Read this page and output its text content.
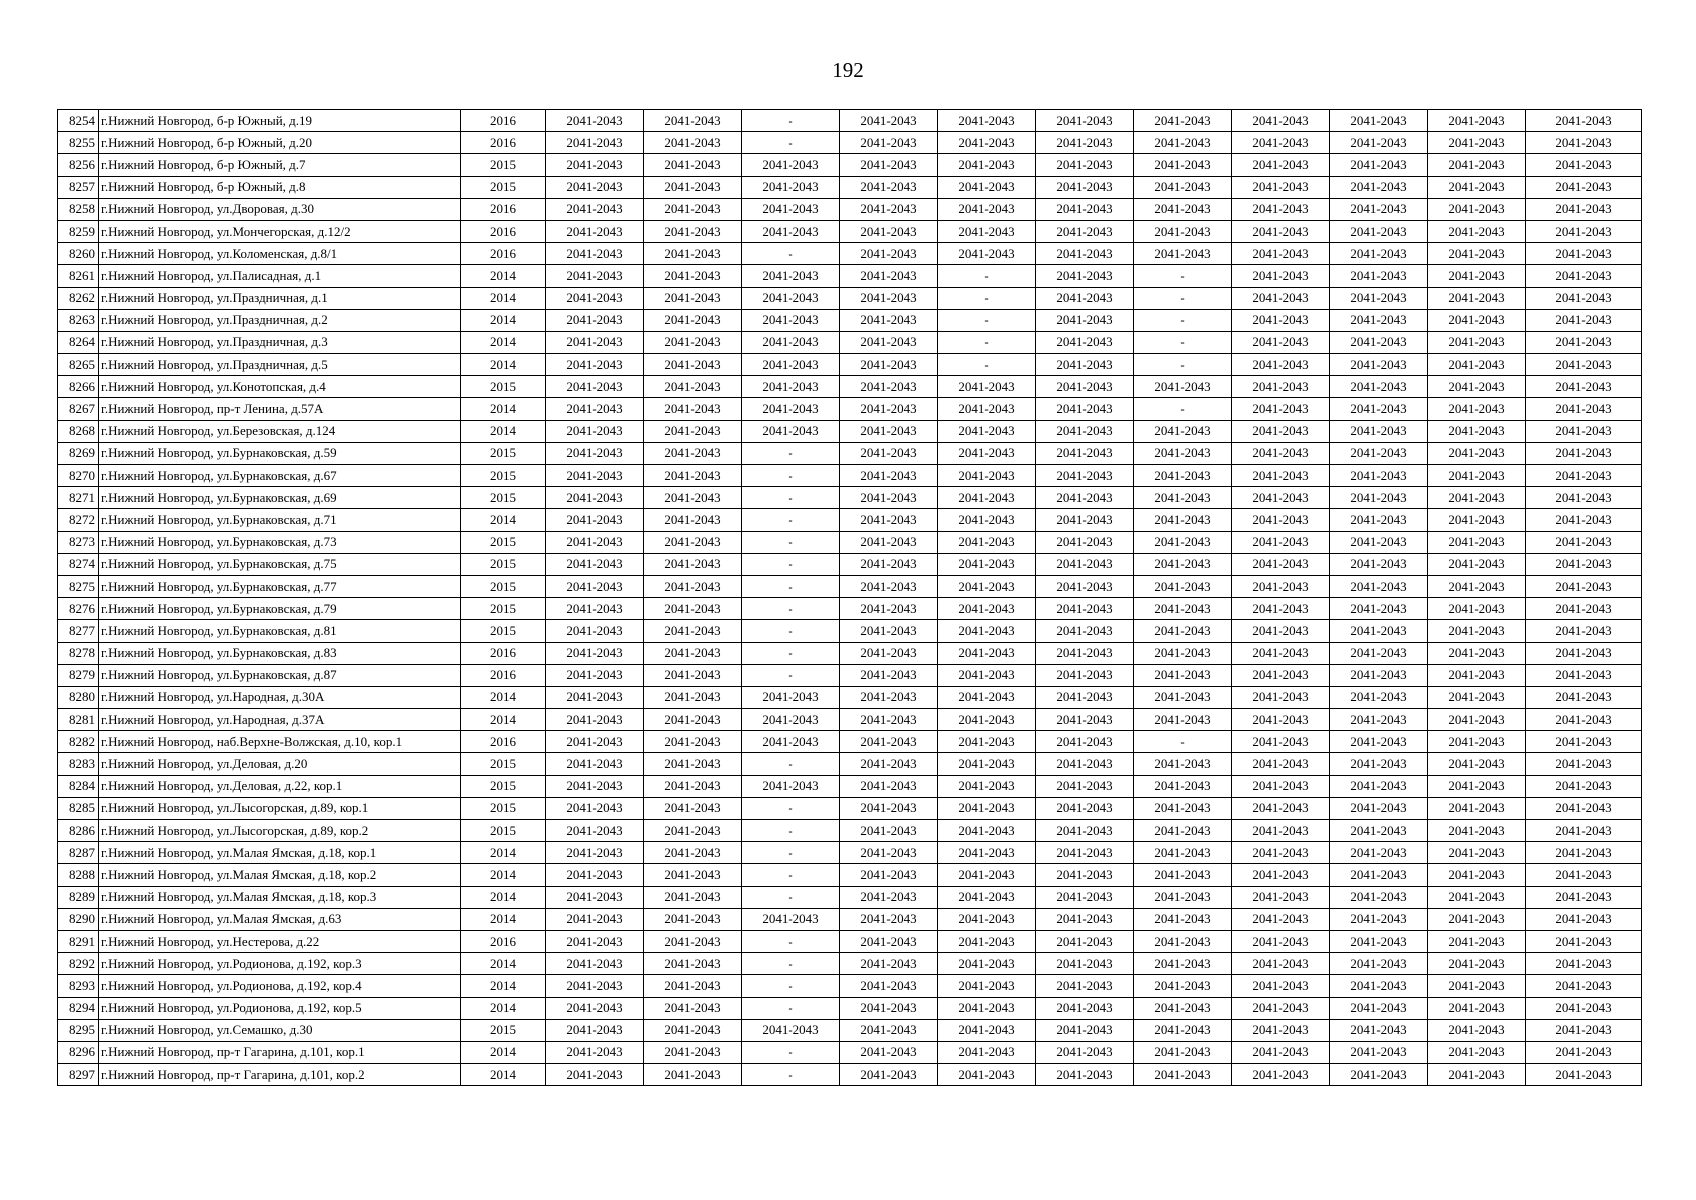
192
8254	г.Нижний Новгород, б-р Южный, д.19	2016	2041-2043	2041-2043	-	2041-2043	2041-2043	2041-2043	2041-2043	2041-2043	2041-2043	2041-2043	2041-2043
8255	г.Нижний Новгород, б-р Южный, д.20	2016	2041-2043	2041-2043	-	2041-2043	2041-2043	2041-2043	2041-2043	2041-2043	2041-2043	2041-2043	2041-2043
8256	г.Нижний Новгород, б-р Южный, д.7	2015	2041-2043	2041-2043	2041-2043	2041-2043	2041-2043	2041-2043	2041-2043	2041-2043	2041-2043	2041-2043	2041-2043
8257	г.Нижний Новгород, б-р Южный, д.8	2015	2041-2043	2041-2043	2041-2043	2041-2043	2041-2043	2041-2043	2041-2043	2041-2043	2041-2043	2041-2043	2041-2043
8258	г.Нижний Новгород, ул.Дворовая, д.30	2016	2041-2043	2041-2043	2041-2043	2041-2043	2041-2043	2041-2043	2041-2043	2041-2043	2041-2043	2041-2043	2041-2043
8259	г.Нижний Новгород, ул.Мончегорская, д.12/2	2016	2041-2043	2041-2043	2041-2043	2041-2043	2041-2043	2041-2043	2041-2043	2041-2043	2041-2043	2041-2043	2041-2043
8260	г.Нижний Новгород, ул.Коломенская, д.8/1	2016	2041-2043	2041-2043	-	2041-2043	2041-2043	2041-2043	2041-2043	2041-2043	2041-2043	2041-2043	2041-2043
8261	г.Нижний Новгород, ул.Палисадная, д.1	2014	2041-2043	2041-2043	2041-2043	2041-2043	-	2041-2043	-	2041-2043	2041-2043	2041-2043	2041-2043
8262	г.Нижний Новгород, ул.Праздничная, д.1	2014	2041-2043	2041-2043	2041-2043	2041-2043	-	2041-2043	-	2041-2043	2041-2043	2041-2043	2041-2043
8263	г.Нижний Новгород, ул.Праздничная, д.2	2014	2041-2043	2041-2043	2041-2043	2041-2043	-	2041-2043	-	2041-2043	2041-2043	2041-2043	2041-2043
8264	г.Нижний Новгород, ул.Праздничная, д.3	2014	2041-2043	2041-2043	2041-2043	2041-2043	-	2041-2043	-	2041-2043	2041-2043	2041-2043	2041-2043
8265	г.Нижний Новгород, ул.Праздничная, д.5	2014	2041-2043	2041-2043	2041-2043	2041-2043	-	2041-2043	-	2041-2043	2041-2043	2041-2043	2041-2043
8266	г.Нижний Новгород, ул.Конотопская, д.4	2015	2041-2043	2041-2043	2041-2043	2041-2043	2041-2043	2041-2043	2041-2043	2041-2043	2041-2043	2041-2043	2041-2043
8267	г.Нижний Новгород, пр-т Ленина, д.57А	2014	2041-2043	2041-2043	2041-2043	2041-2043	2041-2043	2041-2043	-	2041-2043	2041-2043	2041-2043	2041-2043
8268	г.Нижний Новгород, ул.Березовская, д.124	2014	2041-2043	2041-2043	2041-2043	2041-2043	2041-2043	2041-2043	2041-2043	2041-2043	2041-2043	2041-2043	2041-2043
8269	г.Нижний Новгород, ул.Бурнаковская, д.59	2015	2041-2043	2041-2043	-	2041-2043	2041-2043	2041-2043	2041-2043	2041-2043	2041-2043	2041-2043	2041-2043
8270	г.Нижний Новгород, ул.Бурнаковская, д.67	2015	2041-2043	2041-2043	-	2041-2043	2041-2043	2041-2043	2041-2043	2041-2043	2041-2043	2041-2043	2041-2043
8271	г.Нижний Новгород, ул.Бурнаковская, д.69	2015	2041-2043	2041-2043	-	2041-2043	2041-2043	2041-2043	2041-2043	2041-2043	2041-2043	2041-2043	2041-2043
8272	г.Нижний Новгород, ул.Бурнаковская, д.71	2014	2041-2043	2041-2043	-	2041-2043	2041-2043	2041-2043	2041-2043	2041-2043	2041-2043	2041-2043	2041-2043
8273	г.Нижний Новгород, ул.Бурнаковская, д.73	2015	2041-2043	2041-2043	-	2041-2043	2041-2043	2041-2043	2041-2043	2041-2043	2041-2043	2041-2043	2041-2043
8274	г.Нижний Новгород, ул.Бурнаковская, д.75	2015	2041-2043	2041-2043	-	2041-2043	2041-2043	2041-2043	2041-2043	2041-2043	2041-2043	2041-2043	2041-2043
8275	г.Нижний Новгород, ул.Бурнаковская, д.77	2015	2041-2043	2041-2043	-	2041-2043	2041-2043	2041-2043	2041-2043	2041-2043	2041-2043	2041-2043	2041-2043
8276	г.Нижний Новгород, ул.Бурнаковская, д.79	2015	2041-2043	2041-2043	-	2041-2043	2041-2043	2041-2043	2041-2043	2041-2043	2041-2043	2041-2043	2041-2043
8277	г.Нижний Новгород, ул.Бурнаковская, д.81	2015	2041-2043	2041-2043	-	2041-2043	2041-2043	2041-2043	2041-2043	2041-2043	2041-2043	2041-2043	2041-2043
8278	г.Нижний Новгород, ул.Бурнаковская, д.83	2016	2041-2043	2041-2043	-	2041-2043	2041-2043	2041-2043	2041-2043	2041-2043	2041-2043	2041-2043	2041-2043
8279	г.Нижний Новгород, ул.Бурнаковская, д.87	2016	2041-2043	2041-2043	-	2041-2043	2041-2043	2041-2043	2041-2043	2041-2043	2041-2043	2041-2043	2041-2043
8280	г.Нижний Новгород, ул.Народная, д.30А	2014	2041-2043	2041-2043	2041-2043	2041-2043	2041-2043	2041-2043	2041-2043	2041-2043	2041-2043	2041-2043	2041-2043
8281	г.Нижний Новгород, ул.Народная, д.37А	2014	2041-2043	2041-2043	2041-2043	2041-2043	2041-2043	2041-2043	2041-2043	2041-2043	2041-2043	2041-2043	2041-2043
8282	г.Нижний Новгород, наб.Верхне-Волжская, д.10, кор.1	2016	2041-2043	2041-2043	2041-2043	2041-2043	2041-2043	2041-2043	-	2041-2043	2041-2043	2041-2043	2041-2043
8283	г.Нижний Новгород, ул.Деловая, д.20	2015	2041-2043	2041-2043	-	2041-2043	2041-2043	2041-2043	2041-2043	2041-2043	2041-2043	2041-2043	2041-2043
8284	г.Нижний Новгород, ул.Деловая, д.22, кор.1	2015	2041-2043	2041-2043	2041-2043	2041-2043	2041-2043	2041-2043	2041-2043	2041-2043	2041-2043	2041-2043	2041-2043
8285	г.Нижний Новгород, ул.Лысогорская, д.89, кор.1	2015	2041-2043	2041-2043	-	2041-2043	2041-2043	2041-2043	2041-2043	2041-2043	2041-2043	2041-2043	2041-2043
8286	г.Нижний Новгород, ул.Лысогорская, д.89, кор.2	2015	2041-2043	2041-2043	-	2041-2043	2041-2043	2041-2043	2041-2043	2041-2043	2041-2043	2041-2043	2041-2043
8287	г.Нижний Новгород, ул.Малая Ямская, д.18, кор.1	2014	2041-2043	2041-2043	-	2041-2043	2041-2043	2041-2043	2041-2043	2041-2043	2041-2043	2041-2043	2041-2043
8288	г.Нижний Новгород, ул.Малая Ямская, д.18, кор.2	2014	2041-2043	2041-2043	-	2041-2043	2041-2043	2041-2043	2041-2043	2041-2043	2041-2043	2041-2043	2041-2043
8289	г.Нижний Новгород, ул.Малая Ямская, д.18, кор.3	2014	2041-2043	2041-2043	-	2041-2043	2041-2043	2041-2043	2041-2043	2041-2043	2041-2043	2041-2043	2041-2043
8290	г.Нижний Новгород, ул.Малая Ямская, д.63	2014	2041-2043	2041-2043	2041-2043	2041-2043	2041-2043	2041-2043	2041-2043	2041-2043	2041-2043	2041-2043	2041-2043
8291	г.Нижний Новгород, ул.Нестерова, д.22	2016	2041-2043	2041-2043	-	2041-2043	2041-2043	2041-2043	2041-2043	2041-2043	2041-2043	2041-2043	2041-2043
8292	г.Нижний Новгород, ул.Родионова, д.192, кор.3	2014	2041-2043	2041-2043	-	2041-2043	2041-2043	2041-2043	2041-2043	2041-2043	2041-2043	2041-2043	2041-2043
8293	г.Нижний Новгород, ул.Родионова, д.192, кор.4	2014	2041-2043	2041-2043	-	2041-2043	2041-2043	2041-2043	2041-2043	2041-2043	2041-2043	2041-2043	2041-2043
8294	г.Нижний Новгород, ул.Родионова, д.192, кор.5	2014	2041-2043	2041-2043	-	2041-2043	2041-2043	2041-2043	2041-2043	2041-2043	2041-2043	2041-2043	2041-2043
8295	г.Нижний Новгород, ул.Семашко, д.30	2015	2041-2043	2041-2043	2041-2043	2041-2043	2041-2043	2041-2043	2041-2043	2041-2043	2041-2043	2041-2043	2041-2043
8296	г.Нижний Новгород, пр-т Гагарина, д.101, кор.1	2014	2041-2043	2041-2043	-	2041-2043	2041-2043	2041-2043	2041-2043	2041-2043	2041-2043	2041-2043	2041-2043
8297	г.Нижний Новгород, пр-т Гагарина, д.101, кор.2	2014	2041-2043	2041-2043	-	2041-2043	2041-2043	2041-2043	2041-2043	2041-2043	2041-2043	2041-2043	2041-2043
